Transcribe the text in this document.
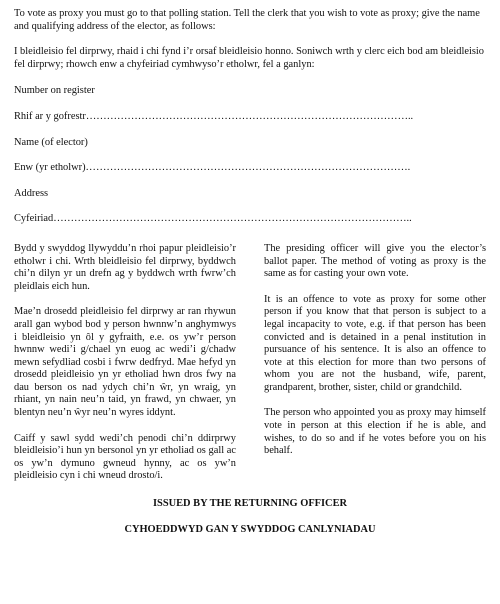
To vote as proxy you must go to that polling station. Tell the clerk that you wish to vote as proxy; give the name and qualifying address of the elector, as follows:

I bleidleisio fel dirprwy, rhaid i chi fynd i’r orsaf bleidleisio honno. Soniwch wrth y clerc eich bod am bleidleisio fel dirprwy; rhowch enw a chyfeiriad cymhwyso’r etholwr, fel a ganlyn:

Number on register

Rhif ar y gofrestr…………………………………………………………………………………..

Name (of elector)

Enw (yr etholwr)………………………………………………………………………………….

Address

Cyfeiriad…………………………………………………………………………………………..

Bydd y swyddog llywyddu’n rhoi papur pleidleisio’r etholwr i chi. Wrth bleidleisio fel dirprwy, byddwch chi’n dilyn yr un drefn ag y byddwch wrth fwrw’ch pleidlais eich hun.

Mae’n drosedd pleidleisio fel dirprwy ar ran rhywun arall gan wybod bod y person hwnnw’n anghymwys i bleidleisio yn ôl y gyfraith, e.e. os yw’r person hwnnw wedi’i g/chael yn euog ac wedi’i g/chadw mewn sefydliad cosbi i fwrw dedfryd. Mae hefyd yn drosedd pleidleisio yn yr etholiad hwn dros fwy na dau berson os nad ydych chi’n ŵr, yn wraig, yn rhiant, yn nain neu’n taid, yn frawd, yn chwaer, yn blentyn neu’n ŵyr neu’n wyres iddynt.

Caiff y sawl sydd wedi’ch penodi chi’n ddirprwy bleidleisio’i hun yn bersonol yn yr etholiad os gall ac os yw’n dymuno gwneud hynny, ac os yw’n pleidleisio cyn i chi wneud drosto/i.

The presiding officer will give you the elector’s ballot paper. The method of voting as proxy is the same as for casting your own vote.

It is an offence to vote as proxy for some other person if you know that that person is subject to a legal incapacity to vote, e.g. if that person has been convicted and is detained in a penal institution in pursuance of his sentence. It is also an offence to vote at this election for more than two persons of whom you are not the husband, wife, parent, grandparent, brother, sister, child or grandchild.

The person who appointed you as proxy may himself vote in person at this election if he is able, and wishes, to do so and if he votes before you on his behalf.

ISSUED BY THE RETURNING OFFICER
CYHOEDDWYD GAN Y SWYDDOG CANLYNIADAU
